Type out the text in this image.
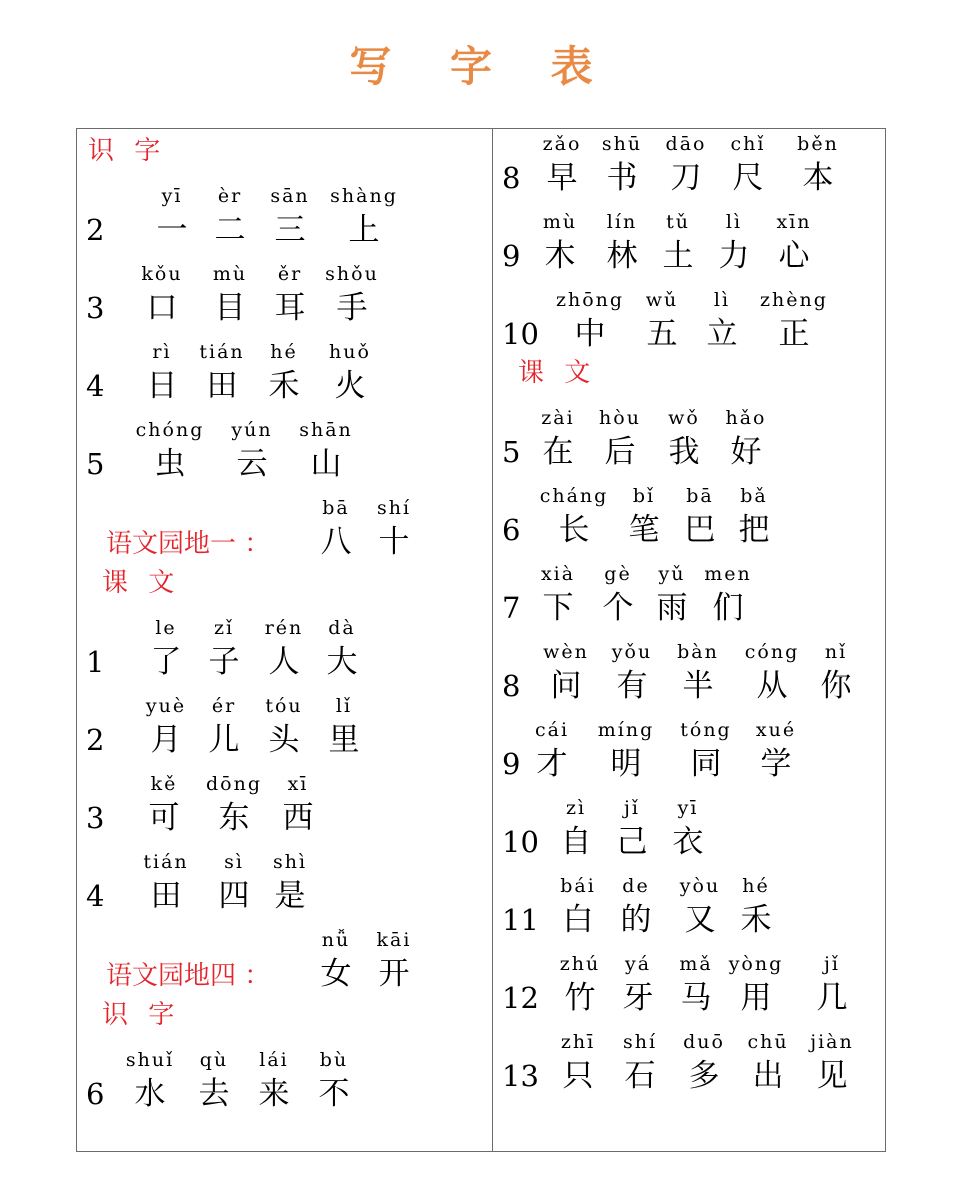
写 字 表
识 字
2
yī
一
èr
二
sān
三
shàng
上
3
kǒu
口
mù
目
ěr
耳
shǒu
手
4
rì
日
tián
田
hé
禾
huǒ
火
5
chóng
虫
yún
云
shān
山
语文园地一 ：
bā
八
shí
十
课 文
1
le
了
zǐ
子
rén
人
dà
大
2
yuè
月
ér
儿
tóu
头
lǐ
里
3
kě
可
dōng
东
xī
西
4
tián
田
sì
四
shì
是
语文园地四 ：
nǚ
女
kāi
开
识 字
6
shuǐ
水
qù
去
lái
来
bù
不
8
zǎo
早
shū
书
dāo
刀
chǐ
尺
běn
本
9
mù
木
lín
林
tǔ
土
lì
力
xīn
心
10
zhōng
中
wǔ
五
lì
立
zhèng
正
课 文
5
zài
在
hòu
后
wǒ
我
hǎo
好
6
cháng
长
bǐ
笔
bā
巴
bǎ
把
7
xià
下
gè
个
yǔ
雨
men
们
8
wèn
问
yǒu
有
bàn
半
cóng
从
nǐ
你
9
cái
才
míng
明
tóng
同
xué
学
10
zì
自
jǐ
己
yī
衣
11
bái
白
de
的
yòu
又
hé
禾
12
zhú
竹
yá
牙
mǎ
马
yòng
用
jǐ
几
13
zhī
只
shí
石
duō
多
chū
出
jiàn
见
